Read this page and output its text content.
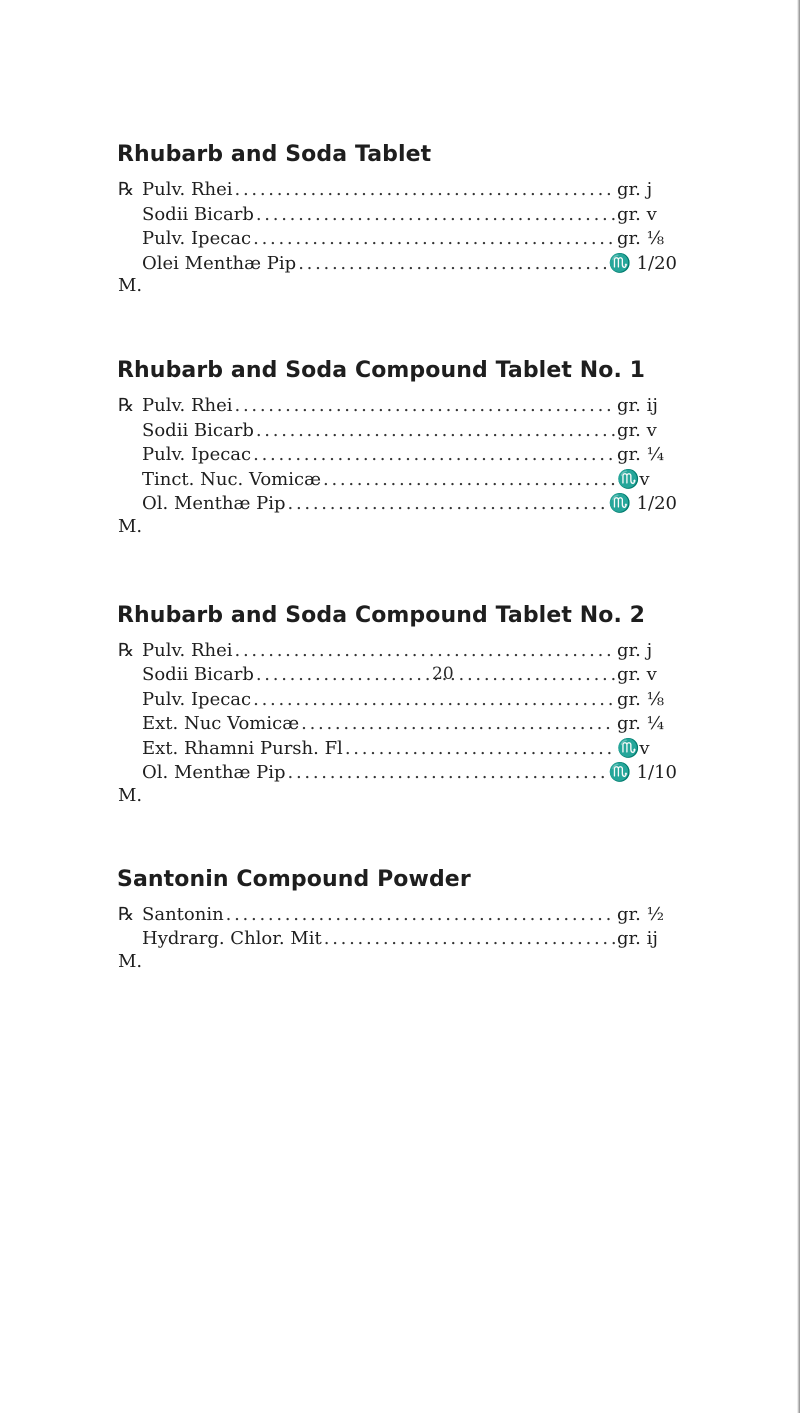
Rhubarb and Soda Tablet
℞ Pulv. Rhei . . .	gr. j
Sodii Bicarb . . .	gr. v
Pulv. Ipecac . . .	gr. ⅛
Olei Menthæ Pip . . .	♏ 1/20
M.
Rhubarb and Soda Compound Tablet No. 1
℞ Pulv. Rhei . . .	gr. ij
Sodii Bicarb . . .	gr. v
Pulv. Ipecac . . .	gr. ¼
Tinct. Nuc. Vomicæ . . .	♏v
Ol. Menthæ Pip . . .	♏ 1/20
M.
Rhubarb and Soda Compound Tablet No. 2
℞ Pulv. Rhei . . .	gr. j
Sodii Bicarb . . .	gr. v
Pulv. Ipecac . . .	gr. ⅛
Ext. Nuc Vomicæ . . .	gr. ¼
Ext. Rhamni Pursh. Fl . . .	♏v
Ol. Menthæ Pip . . .	♏ 1/10
M.
Santonin Compound Powder
℞ Santonin . . .	gr. ½
Hydrarg. Chlor. Mit . . .	gr. ij
M.
20
